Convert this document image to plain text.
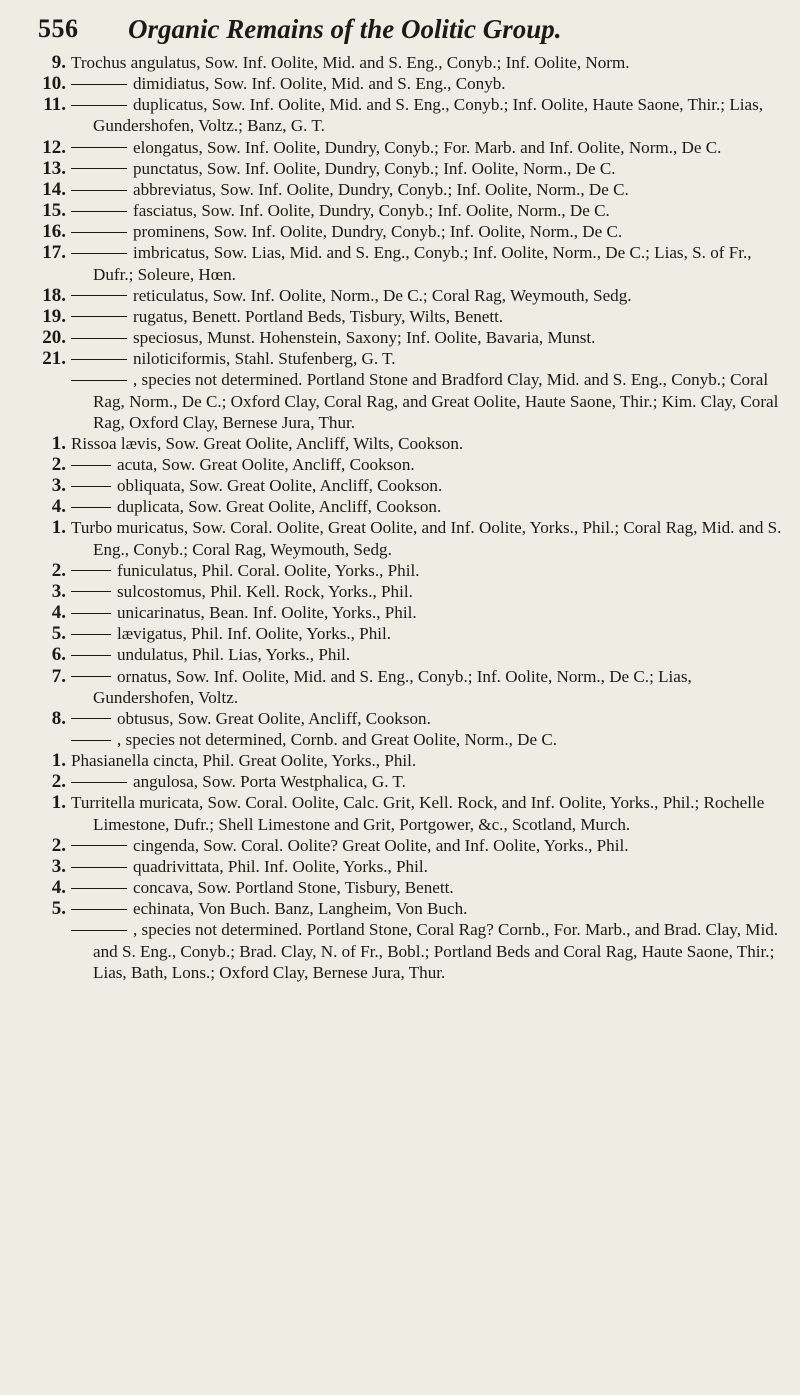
556 Organic Remains of the Oolitic Group.
9. Trochus angulatus, Sow. Inf. Oolite, Mid. and S. Eng., Conyb.; Inf. Oolite, Norm.
10.	dimidiatus, Sow. Inf. Oolite, Mid. and S. Eng., Conyb.
11.	duplicatus, Sow. Inf. Oolite, Mid. and S. Eng., Conyb.; Inf. Oolite, Haute Saone, Thir.; Lias, Gundershofen, Voltz.; Banz, G. T.
12.	elongatus, Sow. Inf. Oolite, Dundry, Conyb.; For. Marb. and Inf. Oolite, Norm., De C.
13.	punctatus, Sow. Inf. Oolite, Dundry, Conyb.; Inf. Oolite, Norm., De C.
14.	abbreviatus, Sow. Inf. Oolite, Dundry, Conyb.; Inf. Oolite, Norm., De C.
15.	fasciatus, Sow. Inf. Oolite, Dundry, Conyb.; Inf. Oolite, Norm., De C.
16.	prominens, Sow. Inf. Oolite, Dundry, Conyb.; Inf. Oolite, Norm., De C.
17.	imbricatus, Sow. Lias, Mid. and S. Eng., Conyb.; Inf. Oolite, Norm., De C.; Lias, S. of Fr., Dufr.; Soleure, Hœn.
18.	reticulatus, Sow. Inf. Oolite, Norm., De C.; Coral Rag, Weymouth, Sedg.
19.	rugatus, Benett. Portland Beds, Tisbury, Wilts, Benett.
20.	speciosus, Munst. Hohenstein, Saxony; Inf. Oolite, Bavaria, Munst.
21.	niloticiformis, Stahl. Stufenberg, G. T.
, species not determined. Portland Stone and Bradford Clay, Mid. and S. Eng., Conyb.; Coral Rag, Norm., De C.; Oxford Clay, Coral Rag, and Great Oolite, Haute Saone, Thir.; Kim. Clay, Coral Rag, Oxford Clay, Bernese Jura, Thur.
1. Rissoa lævis, Sow. Great Oolite, Ancliff, Wilts, Cookson.
2.	acuta, Sow. Great Oolite, Ancliff, Cookson.
3.	obliquata, Sow. Great Oolite, Ancliff, Cookson.
4.	duplicata, Sow. Great Oolite, Ancliff, Cookson.
1. Turbo muricatus, Sow. Coral. Oolite, Great Oolite, and Inf. Oolite, Yorks., Phil.; Coral Rag, Mid. and S. Eng., Conyb.; Coral Rag, Weymouth, Sedg.
2.	funiculatus, Phil. Coral. Oolite, Yorks., Phil.
3.	sulcostomus, Phil. Kell. Rock, Yorks., Phil.
4.	unicarinatus, Bean. Inf. Oolite, Yorks., Phil.
5.	lævigatus, Phil. Inf. Oolite, Yorks., Phil.
6.	undulatus, Phil. Lias, Yorks., Phil.
7.	ornatus, Sow. Inf. Oolite, Mid. and S. Eng., Conyb.; Inf. Oolite, Norm., De C.; Lias, Gundershofen, Voltz.
8.	obtusus, Sow. Great Oolite, Ancliff, Cookson.
, species not determined, Cornb. and Great Oolite, Norm., De C.
1. Phasianella cincta, Phil. Great Oolite, Yorks., Phil.
2.	angulosa, Sow. Porta Westphalica, G. T.
1. Turritella muricata, Sow. Coral. Oolite, Calc. Grit, Kell. Rock, and Inf. Oolite, Yorks., Phil.; Rochelle Limestone, Dufr.; Shell Limestone and Grit, Portgower, &c., Scotland, Murch.
2.	cingenda, Sow. Coral. Oolite? Great Oolite, and Inf. Oolite, Yorks., Phil.
3.	quadrivittata, Phil. Inf. Oolite, Yorks., Phil.
4.	concava, Sow. Portland Stone, Tisbury, Benett.
5.	echinata, Von Buch. Banz, Langheim, Von Buch.
, species not determined. Portland Stone, Coral Rag? Cornb., For. Marb., and Brad. Clay, Mid. and S. Eng., Conyb.; Brad. Clay, N. of Fr., Bobl.; Portland Beds and Coral Rag, Haute Saone, Thir.; Lias, Bath, Lons.; Oxford Clay, Bernese Jura, Thur.
